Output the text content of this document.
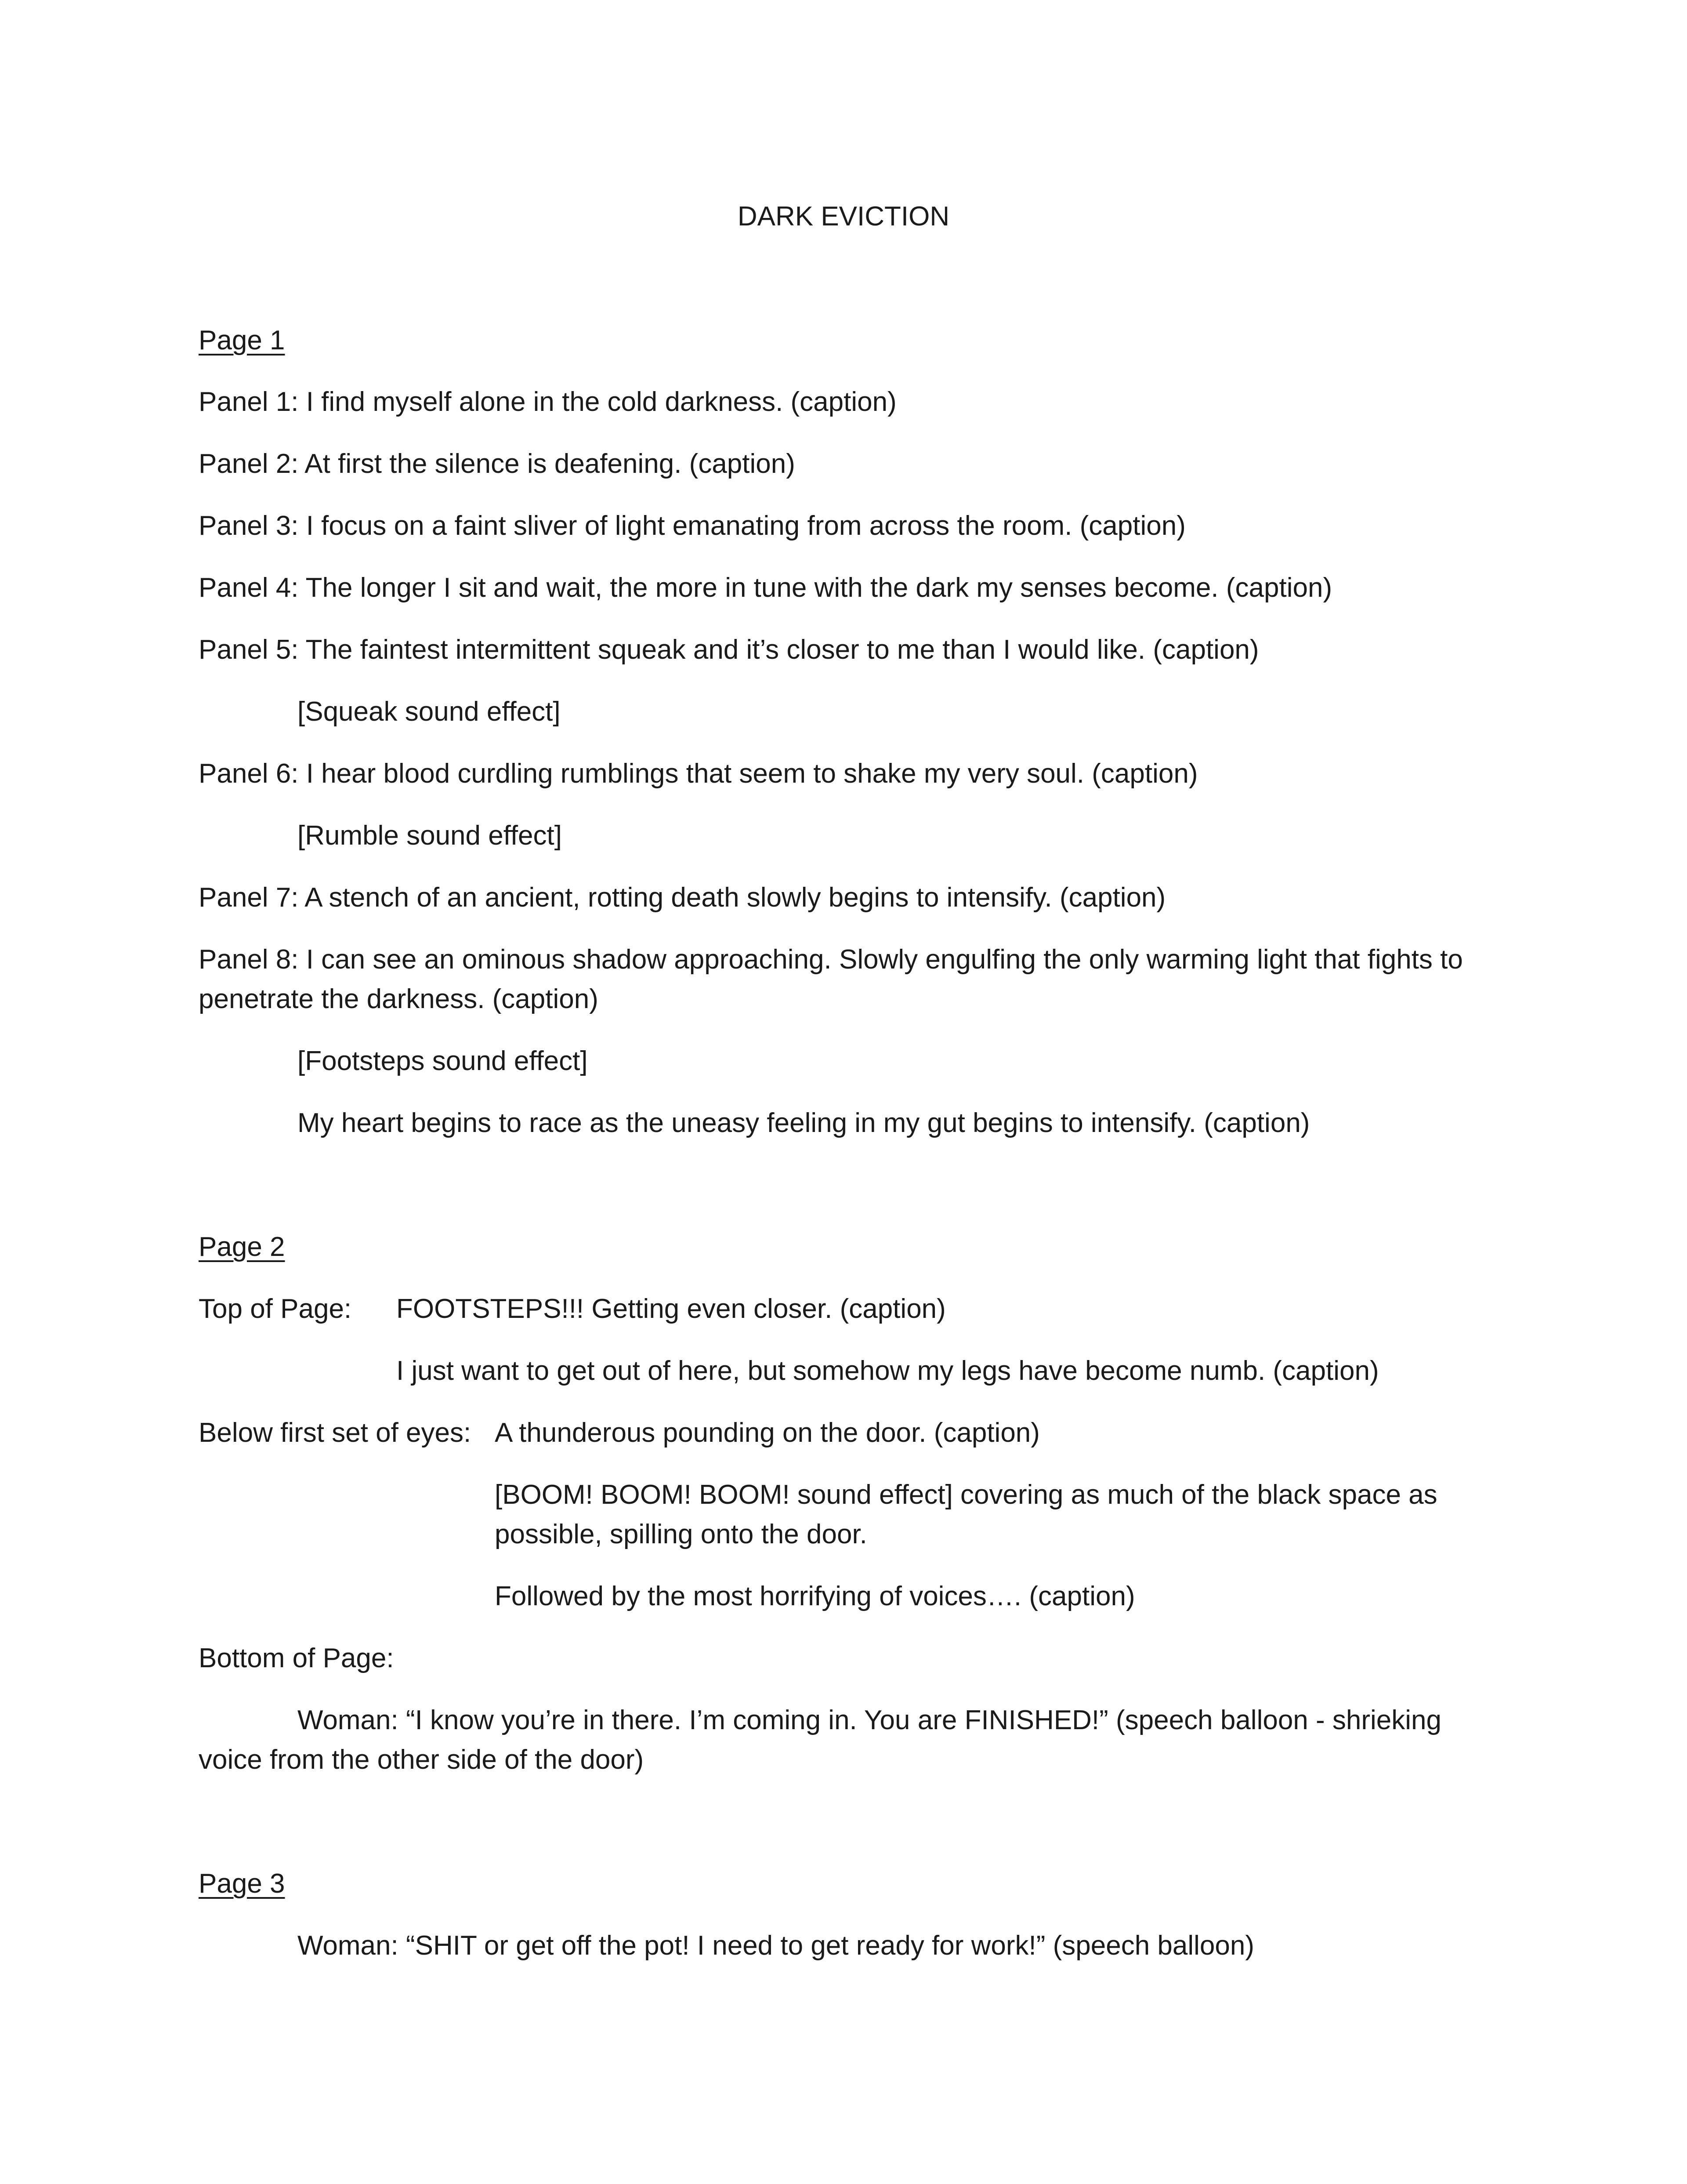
DARK EVICTION
Page 1
Panel 1: I find myself alone in the cold darkness. (caption)
Panel 2: At first the silence is deafening. (caption)
Panel 3: I focus on a faint sliver of light emanating from across the room. (caption)
Panel 4: The longer I sit and wait, the more in tune with the dark my senses become. (caption)
Panel 5: The faintest intermittent squeak and it’s closer to me than I would like. (caption)
[Squeak sound effect]
Panel 6: I hear blood curdling rumblings that seem to shake my very soul. (caption)
[Rumble sound effect]
Panel 7: A stench of an ancient, rotting death slowly begins to intensify. (caption)
Panel 8: I can see an ominous shadow approaching. Slowly engulfing the only warming light that fights to penetrate the darkness. (caption)
[Footsteps sound effect]
My heart begins to race as the uneasy feeling in my gut begins to intensify. (caption)
Page 2
Top of Page: FOOTSTEPS!!! Getting even closer. (caption)
I just want to get out of here, but somehow my legs have become numb. (caption)
Below first set of eyes: A thunderous pounding on the door. (caption)
[BOOM! BOOM! BOOM! sound effect] covering as much of the black space as possible, spilling onto the door.
Followed by the most horrifying of voices…. (caption)
Bottom of Page:
Woman: “I know you’re in there. I’m coming in. You are FINISHED!” (speech balloon - shrieking voice from the other side of the door)
Page 3
Woman: “SHIT or get off the pot! I need to get ready for work!” (speech balloon)
